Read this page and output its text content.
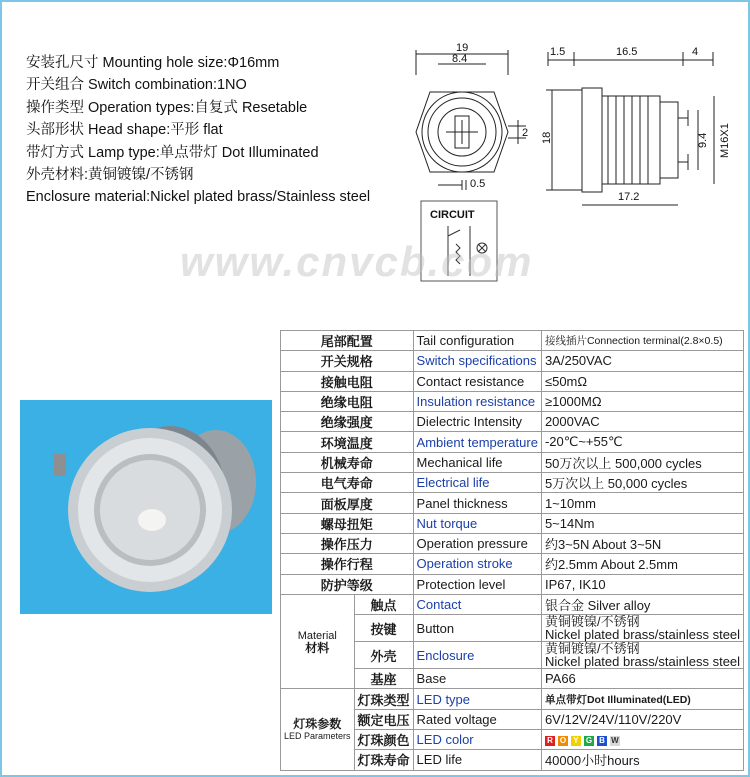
安装孔尺寸 Mounting hole size:Φ16mm
开关组合 Switch combination:1NO
操作类型 Operation types:自复式 Resetable
头部形状 Head shape:平形 flat
带灯方式 Lamp type:单点带灯 Dot Illuminated
外壳材料:黄铜镀镍/不锈钢
Enclosure material:Nickel plated brass/Stainless steel
19
8.4
2
0.5
1.5	16.5	4
18	9.4 M16X1
17.2
CIRCUIT
www.cnvcb.com
尾部配置		Tail configuration	接线插片Connection terminal(2.8×0.5)
开关规格		Switch specifications	3A/250VAC
接触电阻		Contact resistance	≤50mΩ
绝缘电阻		Insulation resistance	≥1000MΩ
绝缘强度		Dielectric Intensity	2000VAC
环境温度		Ambient temperature	-20℃~+55℃
机械寿命		Mechanical life	50万次以上 500,000 cycles
电气寿命		Electrical life	5万次以上 50,000 cycles
面板厚度		Panel thickness	1~10mm
螺母扭矩		Nut torque	5~14Nm
操作压力		Operation pressure	约3~5N About 3~5N
操作行程		Operation stroke	约2.5mm About 2.5mm
防护等级		Protection level	IP67, IK10

Material
材料	触点	Contact	银合金 Silver alloy
	按键	Button	黄铜镀镍/不锈钢
Nickel plated brass/stainless steel

	外壳	Enclosure	黄铜镀镍/不锈钢
Nickel plated brass/stainless steel

	基座	Base	PA66

灯珠参数
LED Parameters	灯珠类型	LED type	单点带灯Dot Illuminated(LED)
	额定电压	Rated voltage	6V/12V/24V/110V/220V
	灯珠颜色	LED color	R O Y G B W
	灯珠寿命	LED life	40000小时hours
